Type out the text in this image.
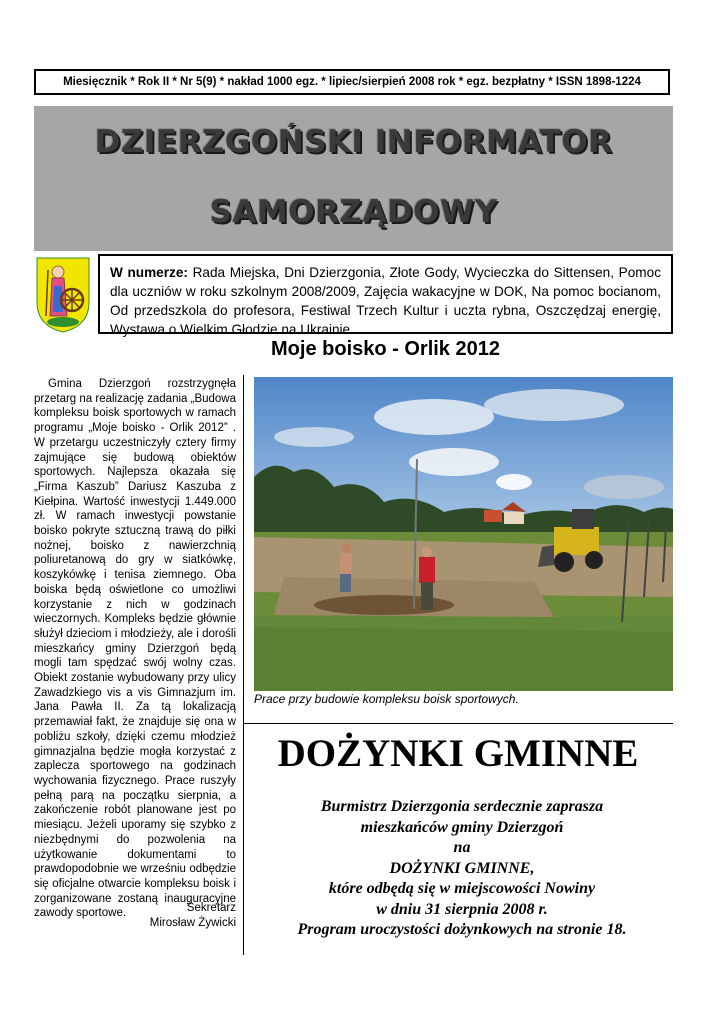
Miesięcznik * Rok II * Nr 5(9) * nakład 1000 egz. * lipiec/sierpień 2008 rok * egz. bezpłatny * ISSN 1898-1224
DZIERZGOŃSKI INFORMATOR
SAMORZĄDOWY
W numerze: Rada Miejska, Dni Dzierzgonia, Złote Gody, Wycieczka do Sittensen, Pomoc dla uczniów w roku szkolnym 2008/2009, Zajęcia wakacyjne w DOK, Na pomoc bocianom, Od przedszkola do profesora, Festiwal Trzech Kultur i uczta rybna, Oszczędzaj energię, Wystawa o Wielkim Głodzie na Ukrainie.
Moje boisko - Orlik 2012
Gmina Dzierzgoń rozstrzygnęła przetarg na realizację zadania „Budowa kompleksu boisk sportowych w ramach programu „Moje boisko - Orlik 2012” . W przetargu uczestniczyły cztery firmy zajmujące się budową obiektów sportowych. Najlepsza okazała się „Firma Kaszub” Dariusz Kaszuba z Kiełpina. Wartość inwestycji 1.449.000 zł. W ramach inwestycji powstanie boisko pokryte sztuczną trawą do piłki nożnej, boisko z nawierzchnią poliuretanową do gry w siatkówkę, koszykówkę i tenisa ziemnego. Oba boiska będą oświetlone co umożliwi korzystanie z nich w godzinach wieczornych. Kompleks będzie głównie służył dzieciom i młodzieży, ale i dorośli mieszkańcy gminy Dzierzgoń będą mogli tam spędzać swój wolny czas. Obiekt zostanie wybudowany przy ulicy Zawadzkiego vis a vis Gimnazjum im. Jana Pawła II. Za tą lokalizacją przemawiał fakt, że znajduje się ona w pobliżu szkoły, dzięki czemu młodzież gimnazjalna będzie mogła korzystać z zaplecza sportowego na godzinach wychowania fizycznego. Prace ruszyły pełną parą na początku sierpnia, a zakończenie robót planowane jest po miesiącu. Jeżeli uporamy się szybko z niezbędnymi do pozwolenia na użytkowanie dokumentami to prawdopodobnie we wrześniu odbędzie się oficjalne otwarcie kompleksu boisk i zorganizowane zostaną inauguracyjne zawody sportowe.	Sekretarz
Mirosław Żywicki
Prace przy budowie kompleksu boisk sportowych.
DOŻYNKI GMINNE
Burmistrz Dzierzgonia serdecznie zaprasza
mieszkańców gminy Dzierzgoń
na
DOŻYNKI GMINNE,
które odbędą się w miejscowości Nowiny
w dniu 31 sierpnia 2008 r.
Program uroczystości dożynkowych na stronie 18.
